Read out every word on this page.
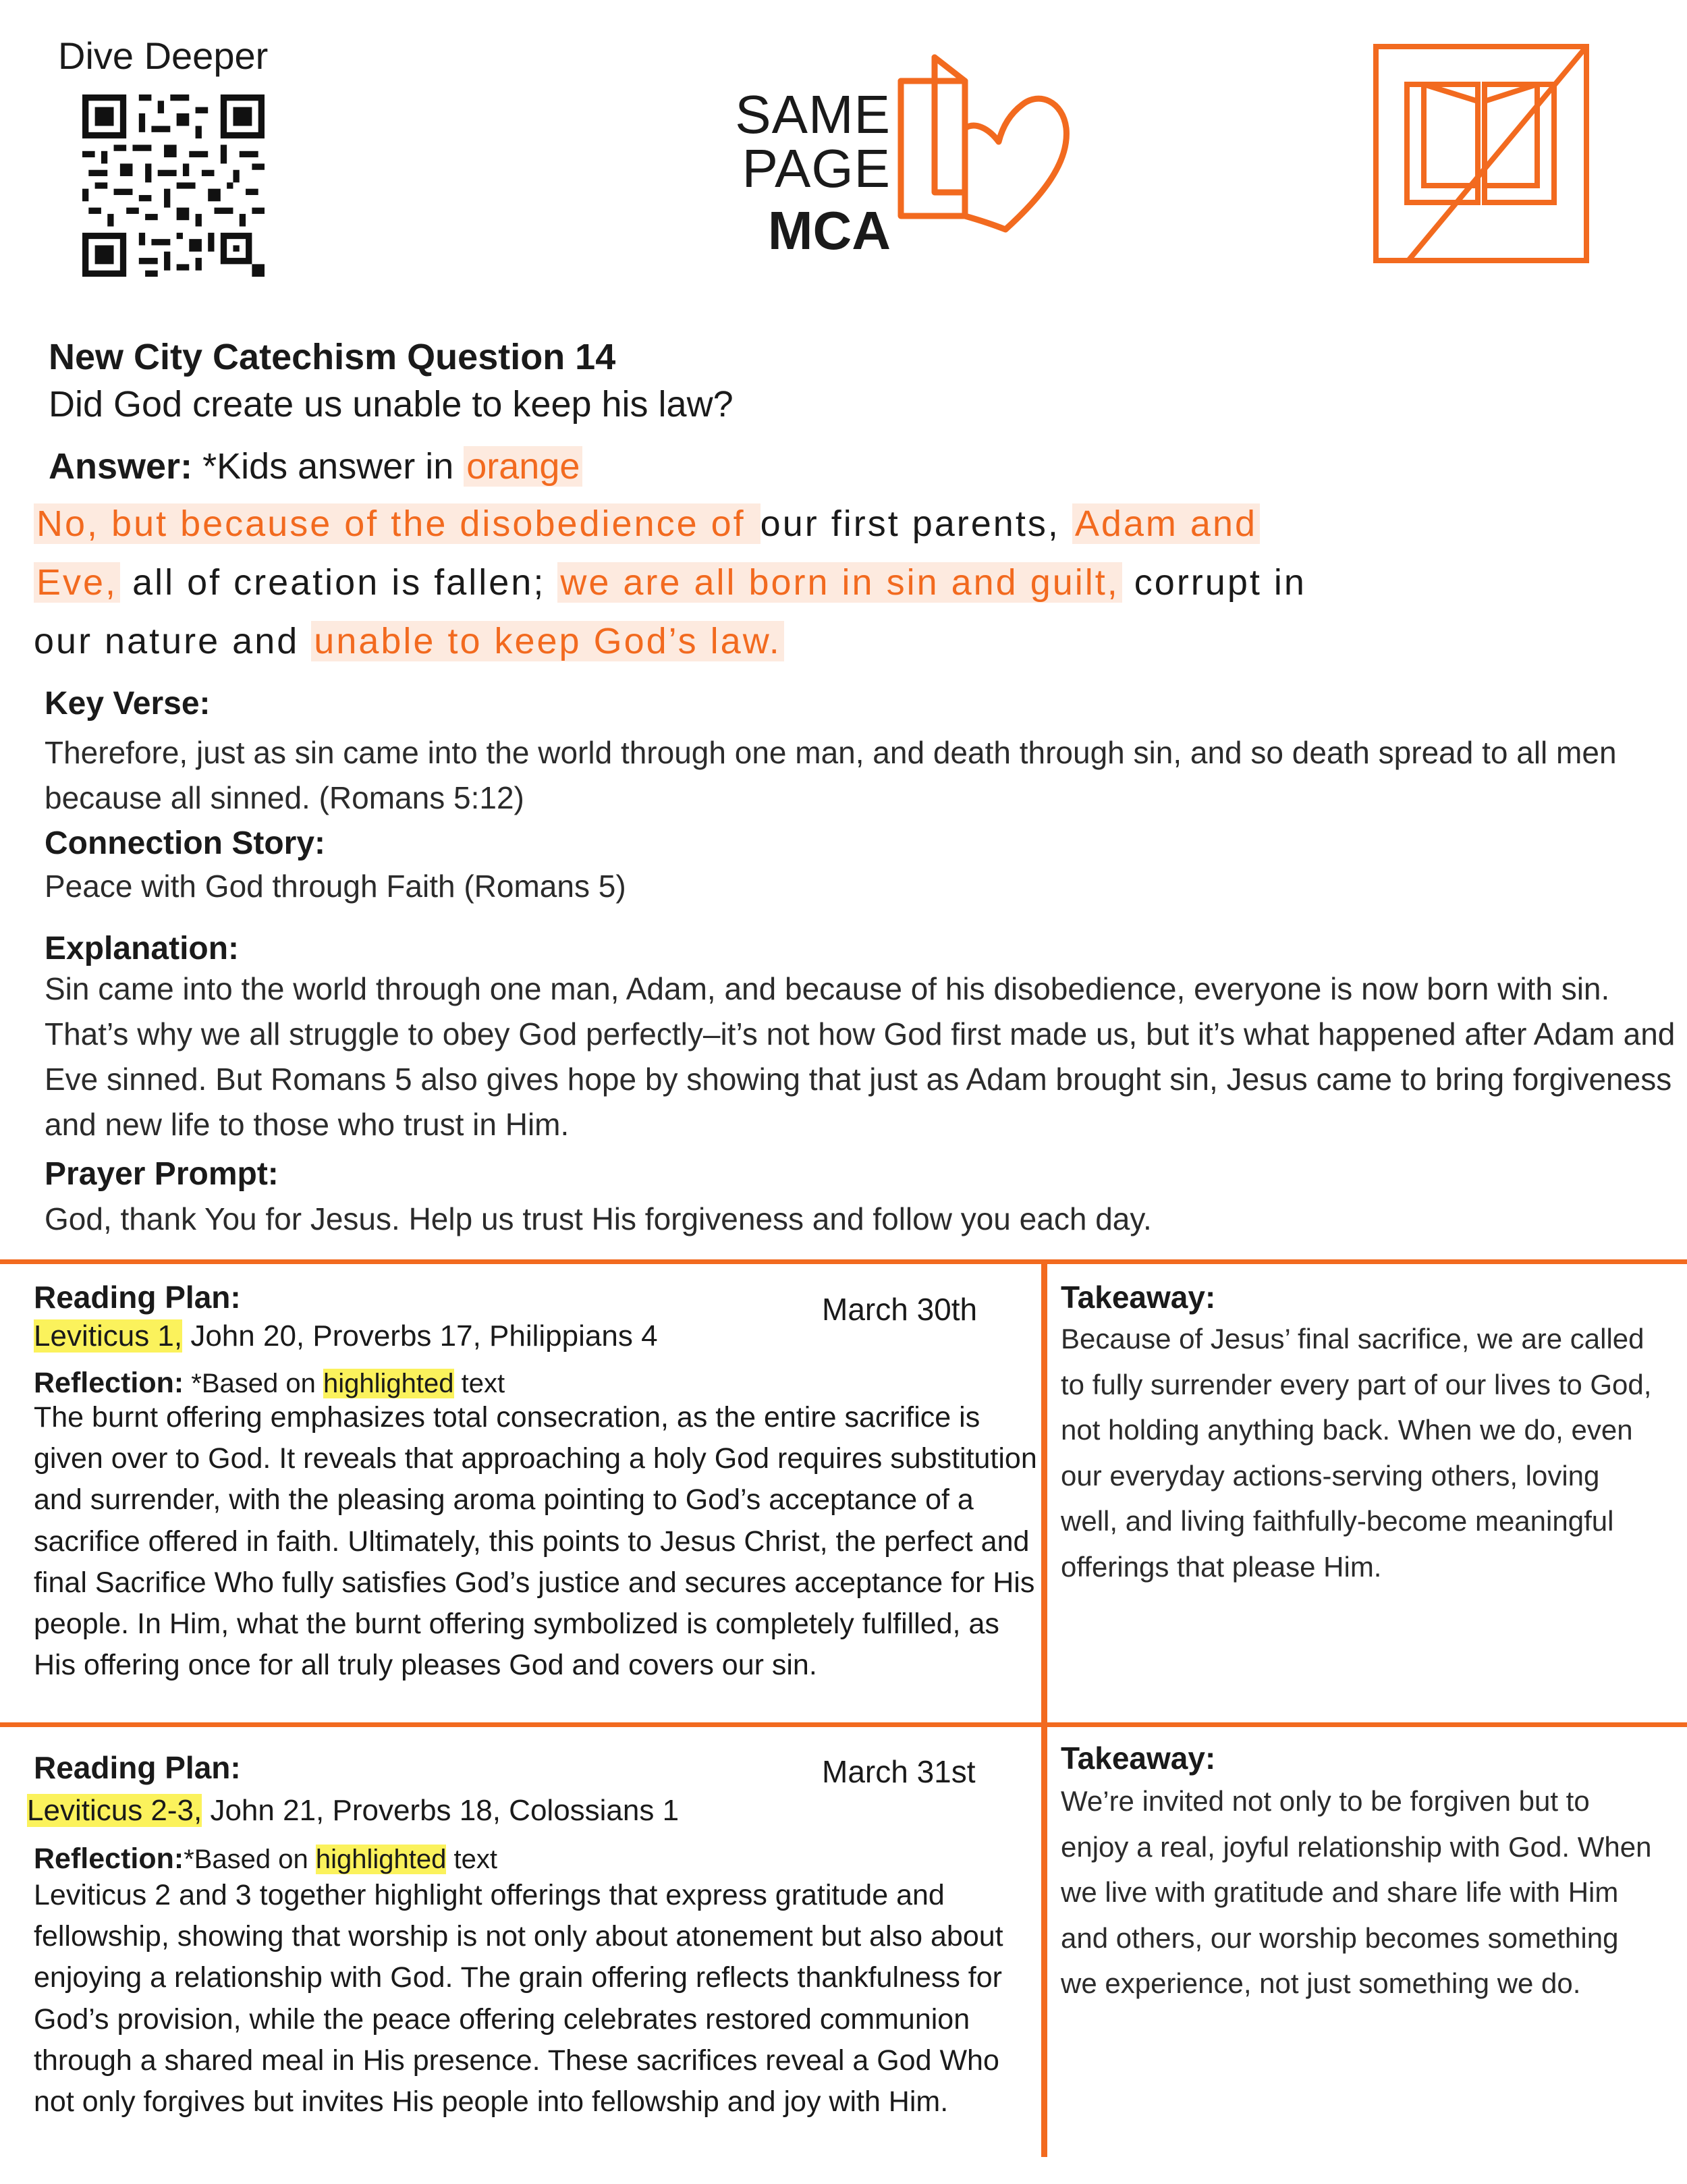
Dive Deeper
SAME PAGE
MCA
New City Catechism Question 14
Did God create us unable to keep his law?
Answer: *Kids answer in orange
No, but because of the disobedience of our first parents, Adam and
Eve, all of creation is fallen; we are all born in sin and guilt, corrupt in
our nature and unable to keep God’s law.
Key Verse:
Therefore, just as sin came into the world through one man, and death through sin, and so death spread to all men because all sinned. (Romans 5:12)
Connection Story:
Peace with God through Faith (Romans 5)
Explanation:
Sin came into the world through one man, Adam, and because of his disobedience, everyone is now born with sin. That’s why we all struggle to obey God perfectly–it’s not how God first made us, but it’s what happened after Adam and Eve sinned. But Romans 5 also gives hope by showing that just as Adam brought sin, Jesus came to bring forgiveness and new life to those who trust in Him.
Prayer Prompt:
God, thank You for Jesus. Help us trust His forgiveness and follow you each day.
Reading Plan:	March 30th
Leviticus 1, John 20, Proverbs 17, Philippians 4
Reflection: *Based on highlighted text
The burnt offering emphasizes total consecration, as the entire sacrifice is given over to God. It reveals that approaching a holy God requires substitution and surrender, with the pleasing aroma pointing to God’s acceptance of a sacrifice offered in faith. Ultimately, this points to Jesus Christ, the perfect and final Sacrifice Who fully satisfies God’s justice and secures acceptance for His people. In Him, what the burnt offering symbolized is completely fulfilled, as His offering once for all truly pleases God and covers our sin.
Takeaway:
Because of Jesus’ final sacrifice, we are called to fully surrender every part of our lives to God, not holding anything back. When we do, even our everyday actions-serving others, loving well, and living faithfully-become meaningful offerings that please Him.
Reading Plan:	March 31st
Leviticus 2-3, John 21, Proverbs 18, Colossians 1
Reflection:*Based on highlighted text
Leviticus 2 and 3 together highlight offerings that express gratitude and fellowship, showing that worship is not only about atonement but also about enjoying a relationship with God. The grain offering reflects thankfulness for God’s provision, while the peace offering celebrates restored communion through a shared meal in His presence. These sacrifices reveal a God Who not only forgives but invites His people into fellowship and joy with Him.
Takeaway:
We’re invited not only to be forgiven but to enjoy a real, joyful relationship with God. When we live with gratitude and share life with Him and others, our worship becomes something we experience, not just something we do.
